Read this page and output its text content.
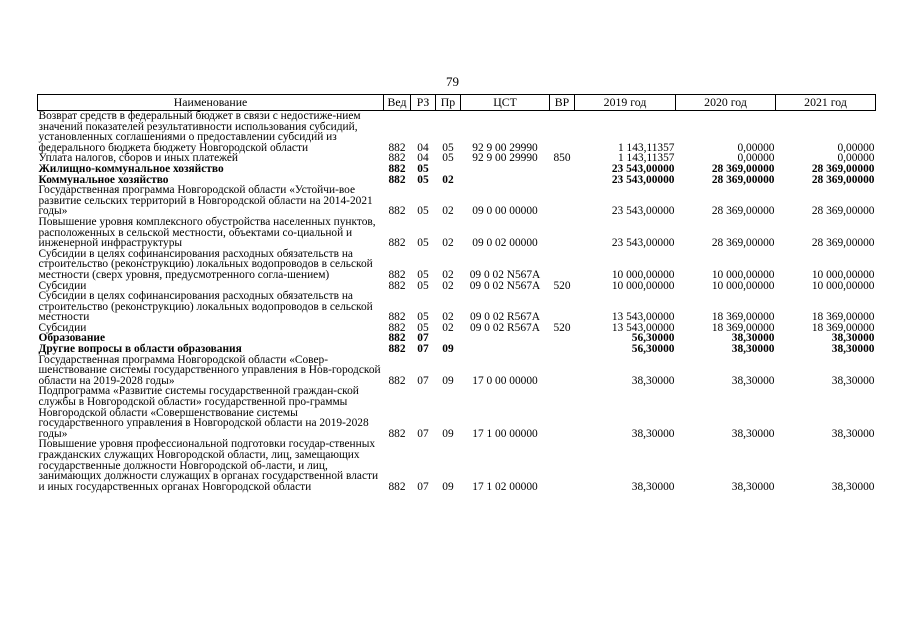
79
Наименование	Вед	РЗ	Пр	ЦСТ	ВР	2019 год	2020 год	2021 год
Возврат средств в федеральный бюджет в связи с недостиже-нием значений показателей результативности использования субсидий, установленных соглашениями о предоставлении субсидий из федерального бюджета бюджету Новгородской области	882	04	05	92 9 00 29990		1 143,11357	0,00000	0,00000
Уплата налогов, сборов и иных платежей	882	04	05	92 9 00 29990	850	1 143,11357	0,00000	0,00000
Жилищно-коммунальное хозяйство	882	05				23 543,00000	28 369,00000	28 369,00000
Коммунальное хозяйство	882	05	02			23 543,00000	28 369,00000	28 369,00000
Государственная программа Новгородской области «Устойчи-вое развитие сельских территорий в Новгородской области на 2014-2021 годы»	882	05	02	09 0 00 00000		23 543,00000	28 369,00000	28 369,00000
Повышение уровня комплексного обустройства населенных пунктов, расположенных в сельской местности, объектами со-циальной и инженерной инфраструктуры	882	05	02	09 0 02 00000		23 543,00000	28 369,00000	28 369,00000
Субсидии в целях софинансирования расходных обязательств на строительство (реконструкцию) локальных водопроводов в сельской местности (сверх уровня, предусмотренного согла-шением)	882	05	02	09 0 02 N567A		10 000,00000	10 000,00000	10 000,00000
Субсидии	882	05	02	09 0 02 N567A	520	10 000,00000	10 000,00000	10 000,00000
Субсидии в целях софинансирования расходных обязательств на строительство (реконструкцию) локальных водопроводов в сельской местности	882	05	02	09 0 02 R567A		13 543,00000	18 369,00000	18 369,00000
Субсидии	882	05	02	09 0 02 R567A	520	13 543,00000	18 369,00000	18 369,00000
Образование	882	07				56,30000	38,30000	38,30000
Другие вопросы в области образования	882	07	09			56,30000	38,30000	38,30000
Государственная программа Новгородской области «Совер-шенствование системы государственного управления в Нов-городской области на 2019-2028 годы»	882	07	09	17 0 00 00000		38,30000	38,30000	38,30000
Подпрограмма «Развитие системы государственной граждан-ской службы в Новгородской области» государственной про-граммы Новгородской области «Совершенствование системы государственного управления в Новгородской области на 2019-2028 годы»	882	07	09	17 1 00 00000		38,30000	38,30000	38,30000
Повышение уровня профессиональной подготовки государ-ственных гражданских служащих Новгородской области, лиц, замещающих государственные должности Новгородской об-ласти, и лиц, занимающих должности служащих в органах государственной власти и иных государственных органах Новгородской области	882	07	09	17 1 02 00000		38,30000	38,30000	38,30000
